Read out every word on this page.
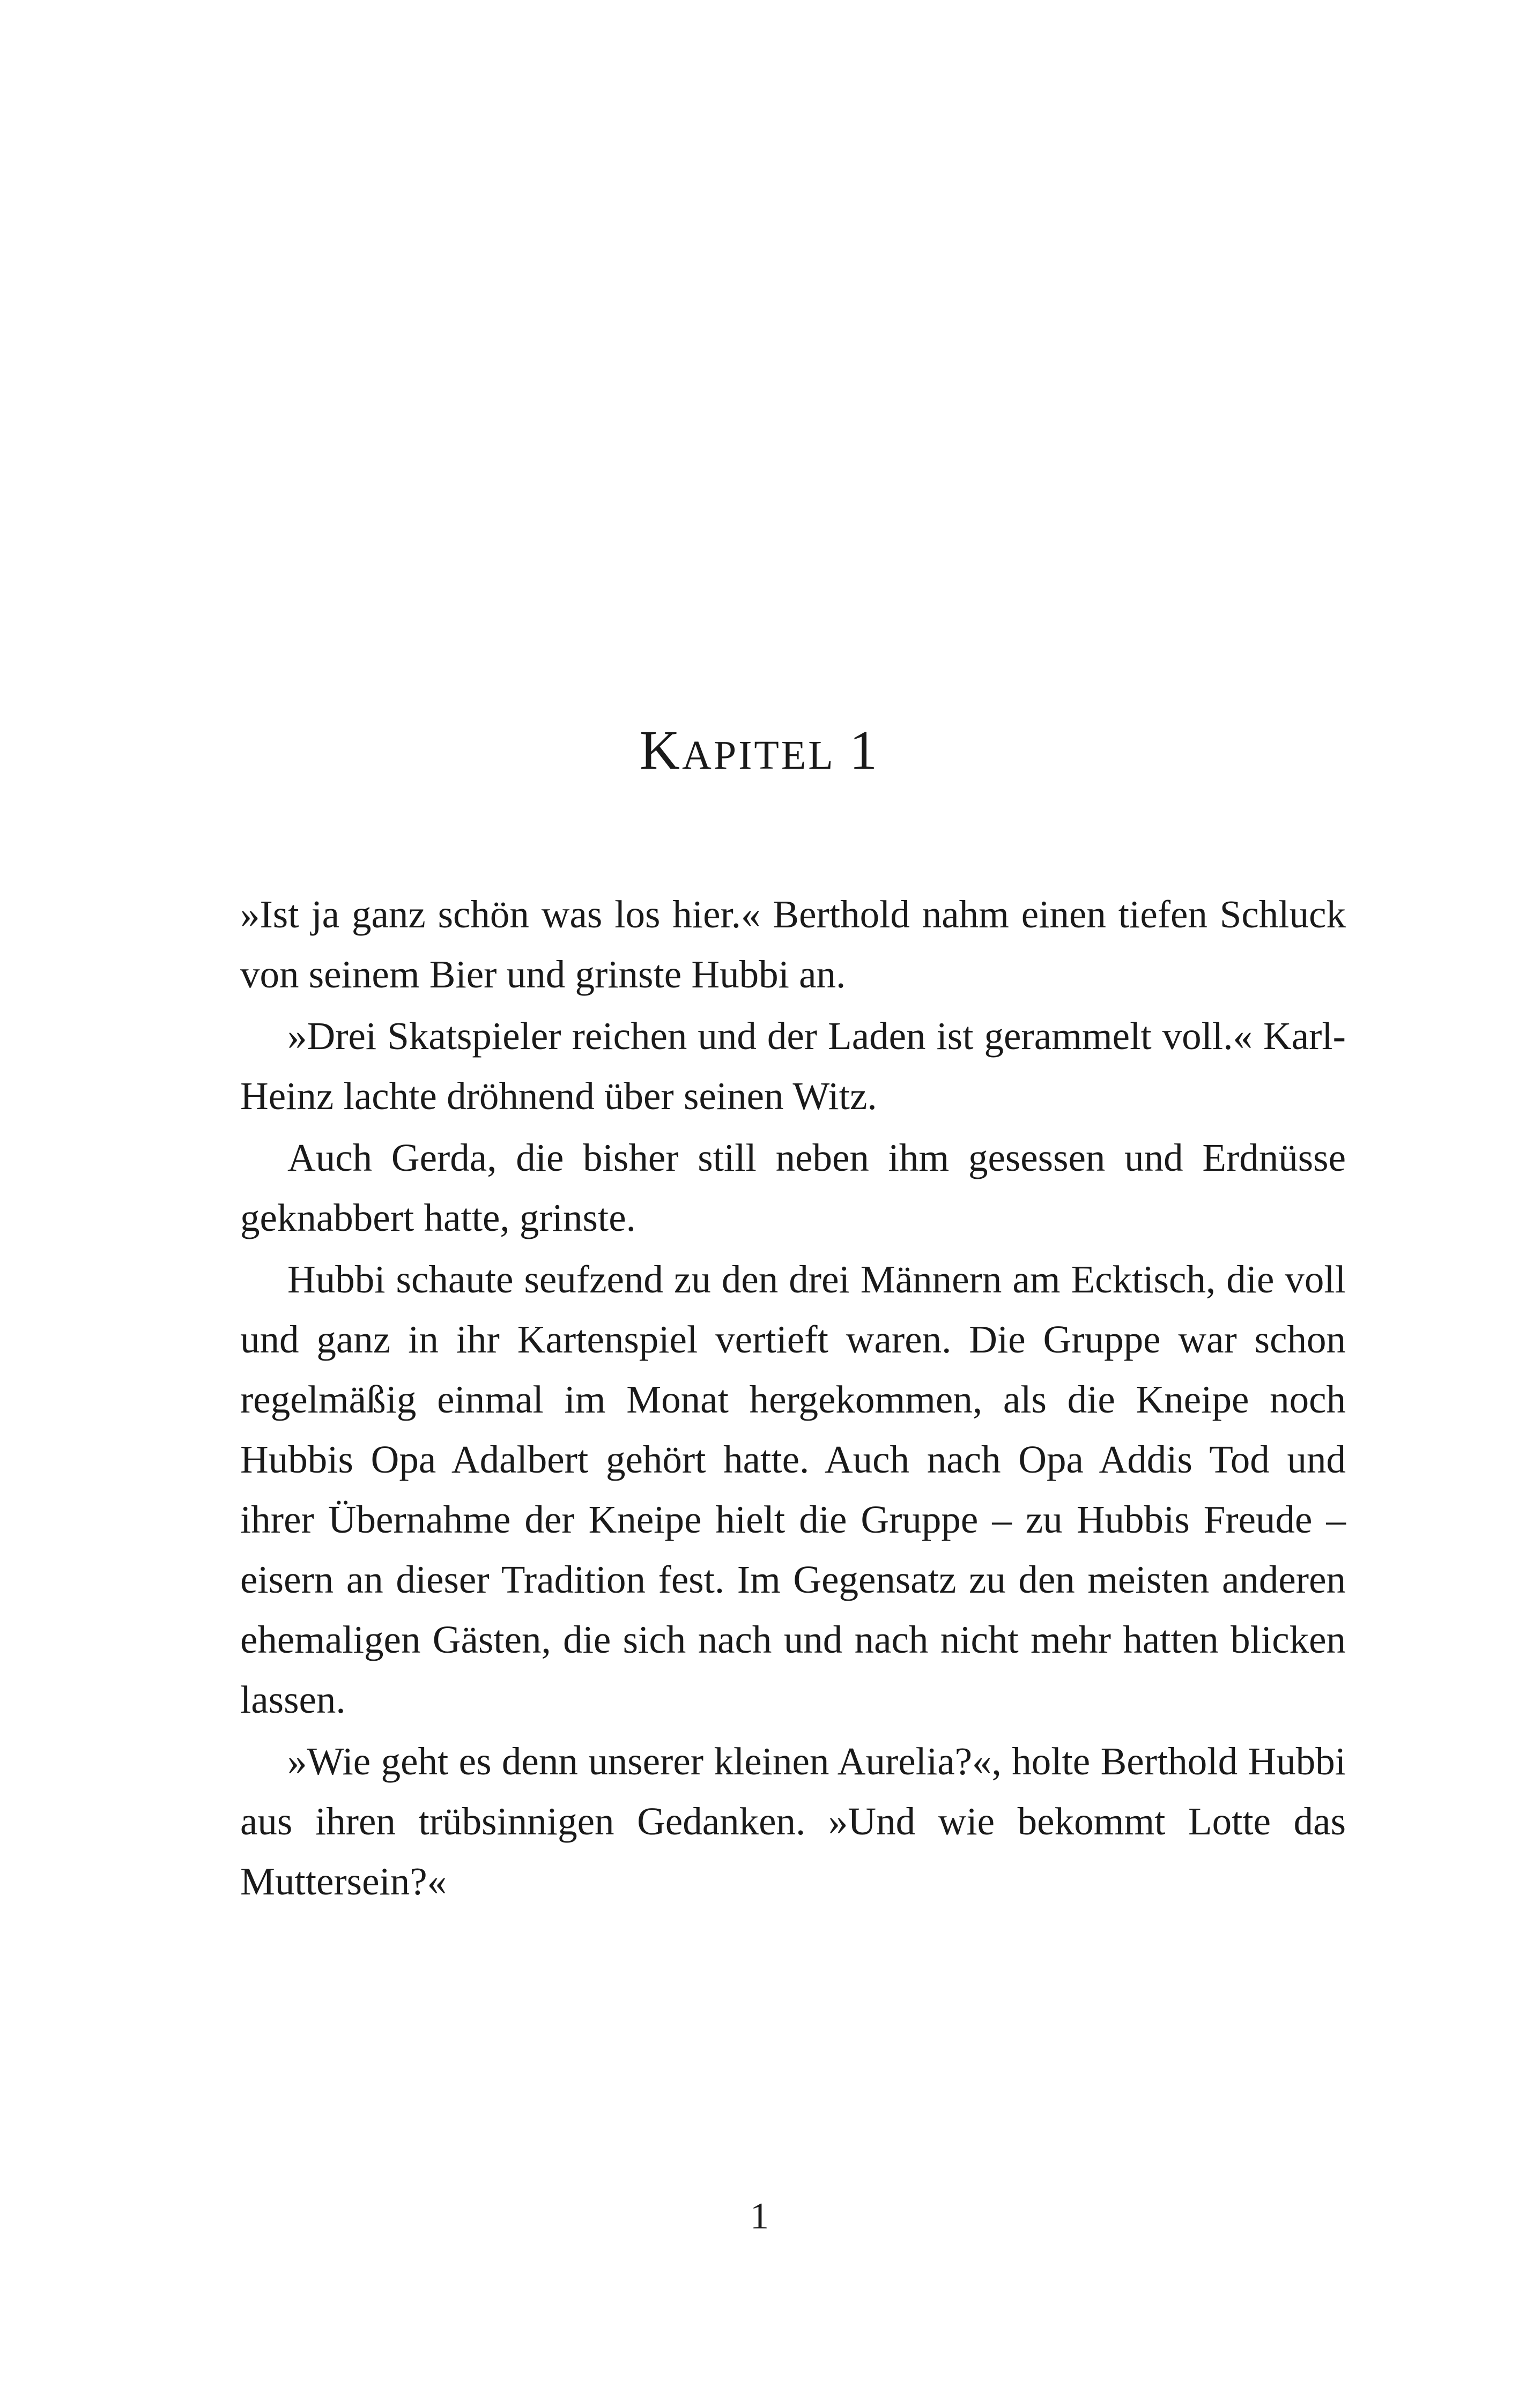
KAPITEL 1

»Ist ja ganz schön was los hier.« Berthold nahm einen tiefen Schluck von seinem Bier und grinste Hubbi an.

»Drei Skatspieler reichen und der Laden ist gerammelt voll.« Karl-Heinz lachte dröhnend über seinen Witz.

Auch Gerda, die bisher still neben ihm gesessen und Erdnüsse geknabbert hatte, grinste.

Hubbi schaute seufzend zu den drei Männern am Ecktisch, die voll und ganz in ihr Kartenspiel vertieft waren. Die Gruppe war schon regelmäßig einmal im Monat hergekommen, als die Kneipe noch Hubbis Opa Adalbert gehört hatte. Auch nach Opa Addis Tod und ihrer Übernahme der Kneipe hielt die Gruppe – zu Hubbis Freude – eisern an dieser Tradition fest. Im Gegensatz zu den meisten anderen ehemaligen Gästen, die sich nach und nach nicht mehr hatten blicken lassen.

»Wie geht es denn unserer kleinen Aurelia?«, holte Berthold Hubbi aus ihren trübsinnigen Gedanken. »Und wie bekommt Lotte das Muttersein?«

1
